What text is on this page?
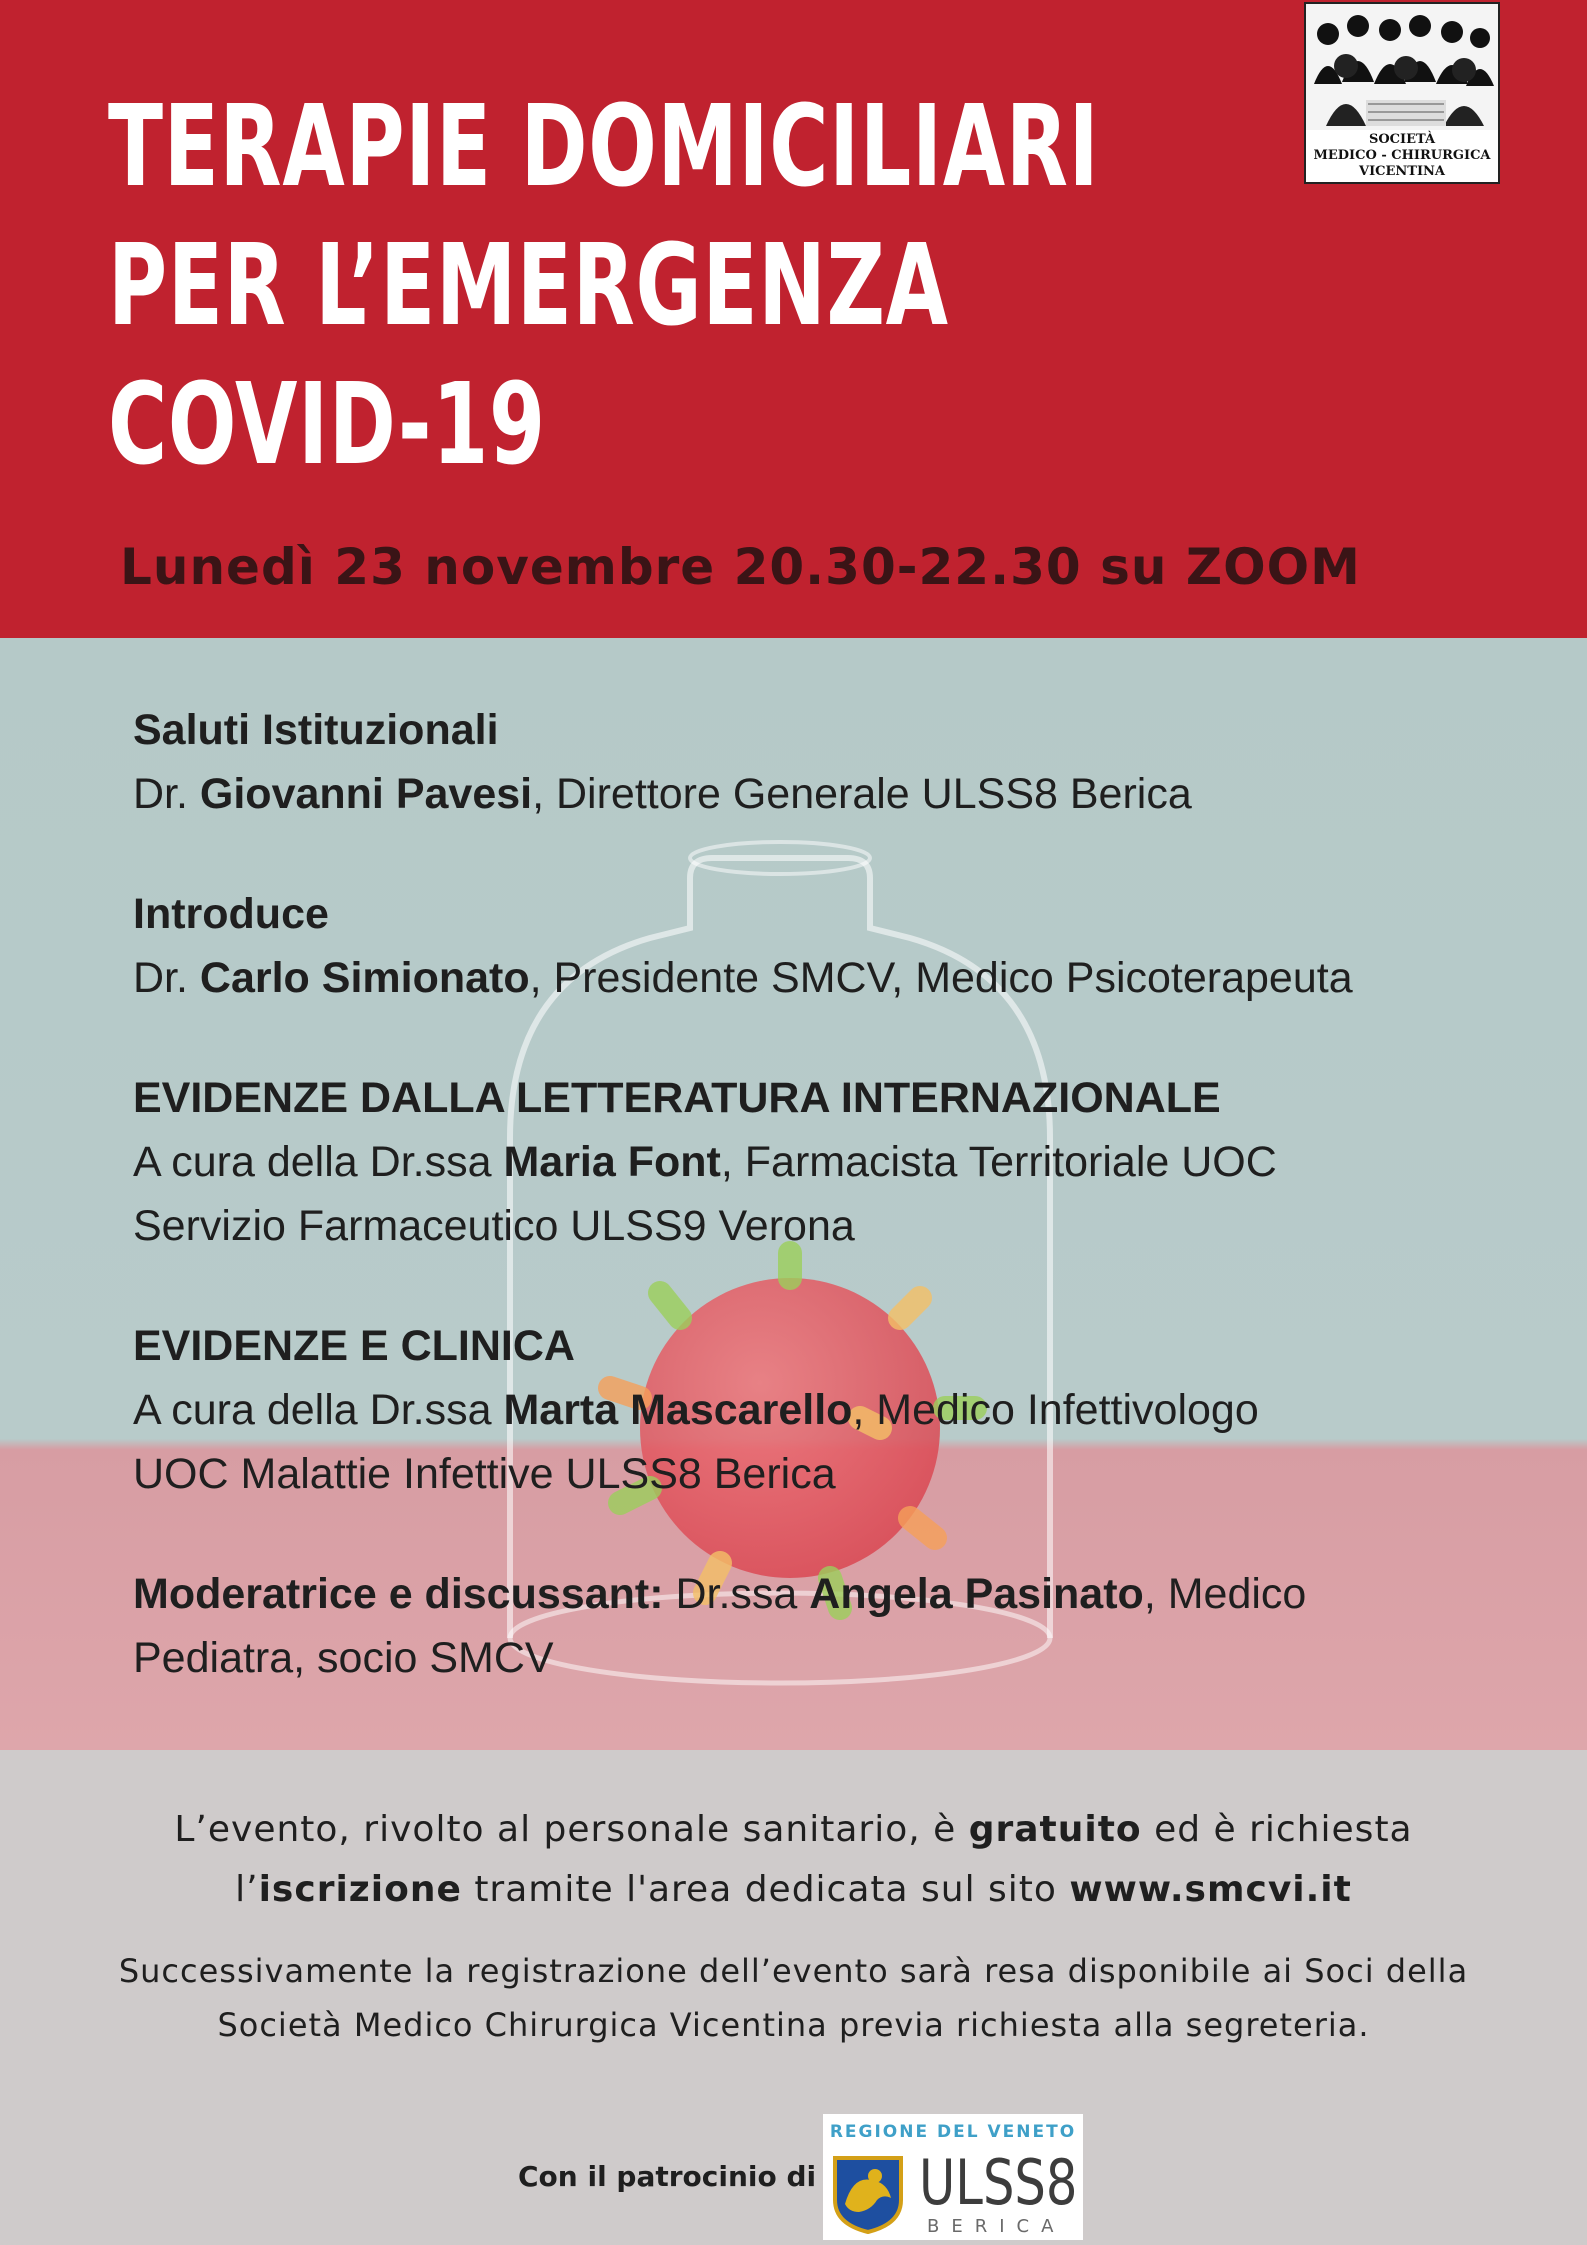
TERAPIE DOMICILIARI
PER L’EMERGENZA
COVID-19
SOCIETÀ
MEDICO - CHIRURGICA
VICENTINA

Lunedì 23 novembre 20.30-22.30 su ZOOM

Saluti Istituzionali

Dr. Giovanni Pavesi, Direttore Generale ULSS8 Berica

Introduce

Dr. Carlo Simionato, Presidente SMCV, Medico Psicoterapeuta

EVIDENZE DALLA LETTERATURA INTERNAZIONALE

A cura della Dr.ssa Maria Font, Farmacista Territoriale UOC

Servizio Farmaceutico ULSS9 Verona

EVIDENZE E CLINICA

A cura della Dr.ssa Marta Mascarello, Medico Infettivologo

UOC Malattie Infettive ULSS8 Berica

Moderatrice e discussant: Dr.ssa Angela Pasinato, Medico

Pediatra, socio SMCV

L’evento, rivolto al personale sanitario, è gratuito ed è richiesta
l’iscrizione tramite l'area dedicata sul sito www.smcvi.it

Successivamente la registrazione dell’evento sarà resa disponibile ai Soci della
Società Medico Chirurgica Vicentina previa richiesta alla segreteria.

Con il patrocinio di
REGIONE DEL VENETO
ULSS8
BERICA
